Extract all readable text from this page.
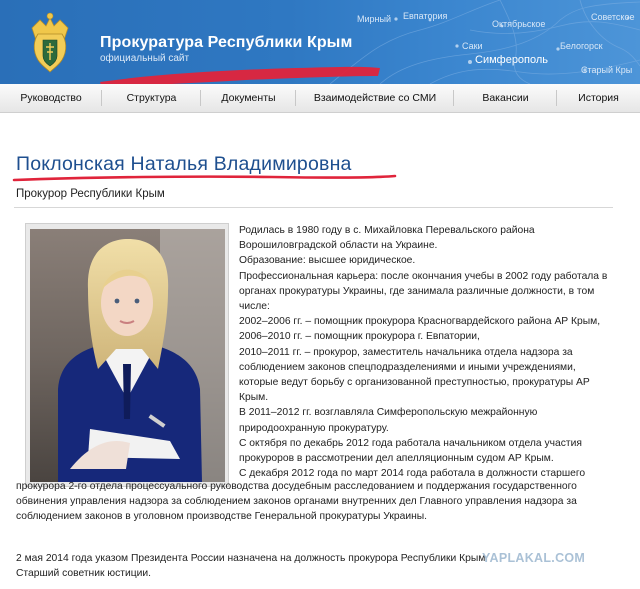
Мирный Евпатория
Октябрьское
Советское
Саки	Белогорск
Симферополь
Старый Кры
Прокуратура Республики Крым
официальный сайт
Руководство	Структура	Документы	Взаимодействие со СМИ	Вакансии	История
Поклонская Наталья Владимировна
Прокурор Республики Крым
Родилась в 1980 году в с. Михайловка Перевальского района
Ворошиловградской области на Украине.
Образование: высшее юридическое.
Профессиональная карьера: после окончания учебы в 2002 году работала в
органах прокуратуры Украины, где занимала различные должности, в том
числе:
2002–2006 гг. – помощник прокурора Красногвардейского района АР Крым,
2006–2010 гг. – помощник прокурора г. Евпатории,
2010–2011 гг. – прокурор, заместитель начальника отдела надзора за
соблюдением законов спецподразделениями и иными учреждениями,
которые ведут борьбу с организованной преступностью, прокуратуры АР
Крым.
В 2011–2012 гг. возглавляла Симферопольскую межрайонную
природоохранную прокуратуру.
С октября по декабрь 2012 года работала начальником отдела участия
прокуроров в рассмотрении дел апелляционным судом АР Крым.
С декабря 2012 года по март 2014 года работала в должности старшего
прокурора 2-го отдела процессуального руководства досудебным расследованием и поддержания государственного
обвинения управления надзора за соблюдением законов органами внутренних дел Главного управления надзора за
соблюдением законов в уголовном производстве Генеральной прокуратуры Украины.
2 мая 2014 года указом Президента России назначена на должность прокурора Республики Крым
Старший советник юстиции.
YAPLAKAL.COM
